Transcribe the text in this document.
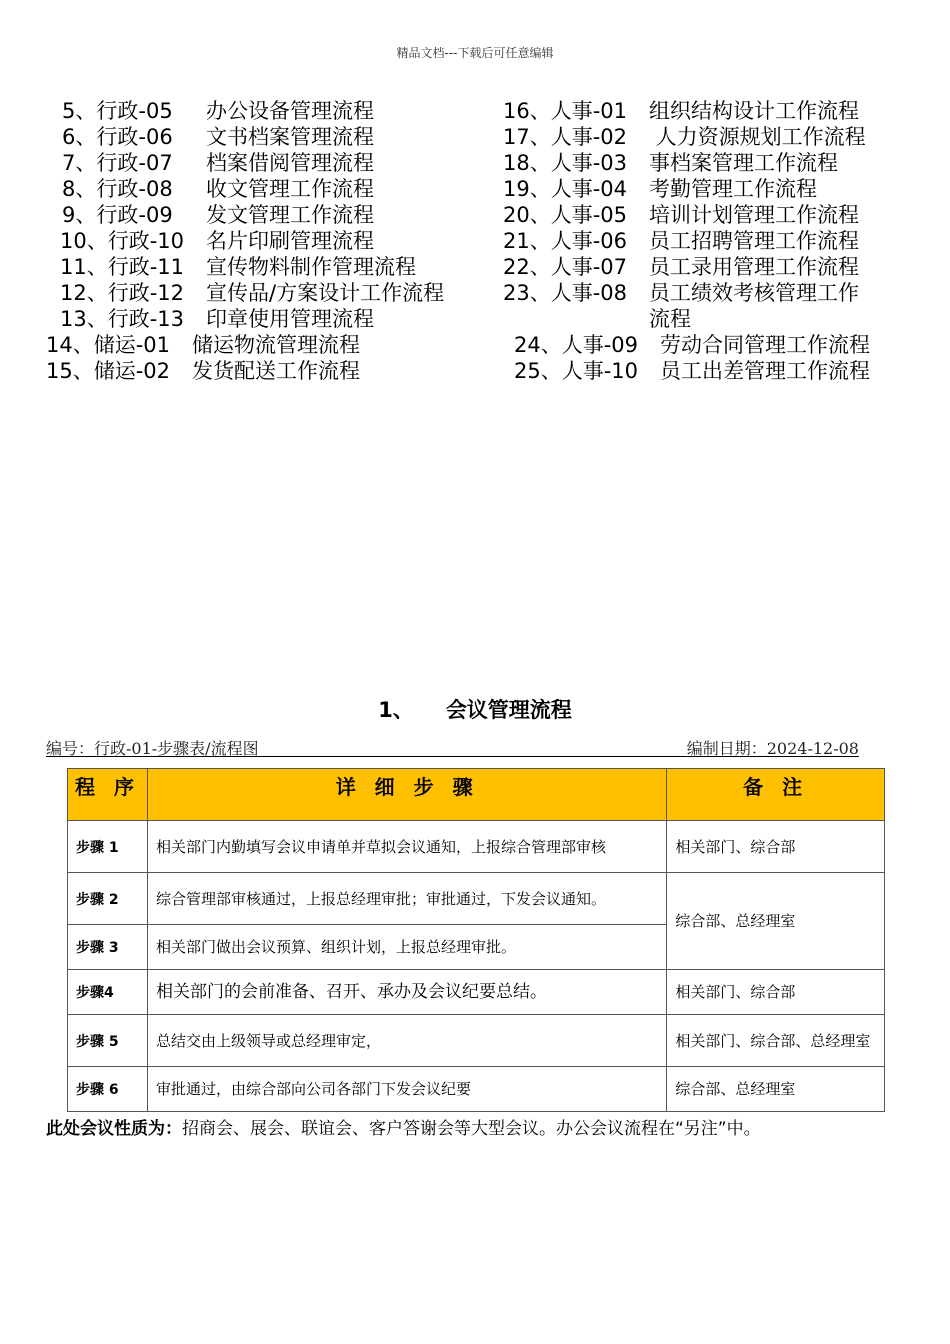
精品文档---下载后可任意编辑

5、行政-05 办公设备管理流程

6、行政-06 文书档案管理流程

7、行政-07 档案借阅管理流程

8、行政-08 收文管理工作流程

9、行政-09 发文管理工作流程

10、行政-10 名片印刷管理流程

11、行政-11 宣传物料制作管理流程

12、行政-12 宣传品/方案设计工作流程

13、行政-13 印章使用管理流程

14、储运-01 储运物流管理流程

15、储运-02 发货配送工作流程

16、人事-01 组织结构设计工作流程

17、人事-02 人力资源规划工作流程

18、人事-03 事档案管理工作流程

19、人事-04 考勤管理工作流程

20、人事-05 培训计划管理工作流程

21、人事-06 员工招聘管理工作流程

22、人事-07 员工录用管理工作流程

23、人事-08 员工绩效考核管理工作

流程

24、人事-09 劳动合同管理工作流程

25、人事-10 员工出差管理工作流程

1、 会议管理流程
编号：行政-01-步骤表/流程图	编制日期：2024-12-08
程 序	详 细 步 骤	备 注
步骤 1	相关部门内勤填写会议申请单并草拟会议通知，上报综合管理部审核	相关部门、综合部
步骤 2	综合管理部审核通过，上报总经理审批；审批通过，下发会议通知。	综合部、总经理室
步骤 3	相关部门做出会议预算、组织计划，上报总经理审批。	
步骤4	相关部门的会前准备、召开、承办及会议纪要总结。	相关部门、综合部
步骤 5	总结交由上级领导或总经理审定，	相关部门、综合部、总经理室
步骤 6	审批通过，由综合部向公司各部门下发会议纪要	综合部、总经理室
此处会议性质为：招商会、展会、联谊会、客户答谢会等大型会议。办公会议流程在“另注”中。
